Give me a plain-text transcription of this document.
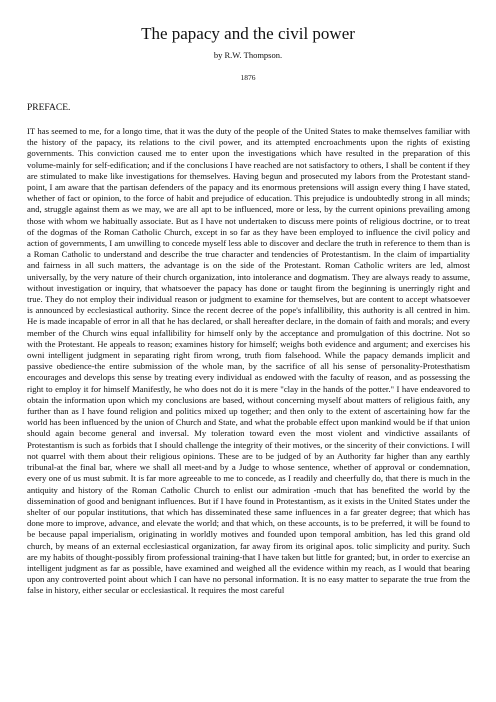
The papacy and the civil power
by R.W. Thompson.
1876
PREFACE.

IT has seemed to me, for a longo time, that it was the duty of the people of the United States to make themselves familiar with the history of the papacy, its relations to the civil power, and its attempted encroachments upon the rights of existing governments. This conviction caused me to enter upon the investigations which have resulted in the preparation of this volume-mainly for self-edification; and if the conclusions I have reached are not satisfactory to others, I shall be content if they are stimulated to make like investigations for themselves. Having begun and prosecuted my labors from the Protestant stand-point, I am aware that the partisan defenders of the papacy and its enormous pretensions will assign every thing I have stated, whether of fact or opinion, to the force of habit and prejudice of education. This prejudice is undoubtedly strong in all minds; and, struggle against them as we may, we are all apt to be influenced, more or less, by the current opinions prevailing among those with whom we habitually associate. But as I have not undertaken to discuss mere points of religious doctrine, or to treat of the dogmas of the Roman Catholic Church, except in so far as they have been employed to influence the civil policy and action of governments, I am unwilling to concede myself less able to discover and declare the truth in reference to them than is a Roman Catholic to understand and describe the true character and tendencies of Protestantism. In the claim of impartiality and fairness in all such matters, the advantage is on the side of the Protestant. Roman Catholic writers are led, almost universally, by the very nature of their church organization, into intolerance and dogmatism. They are always ready to assume, without investigation or inquiry, that whatsoever the papacy has done or taught firom the beginning is unerringly right and true. They do not employ their individual reason or judgment to examine for themselves, but are content to accept whatsoever is announced by ecclesiastical authority. Since the recent decree of the pope's infallibility, this authority is all centred in him. He is made incapable of error in all that he has declared, or shall hereafter declare, in the domain of faith and morals; and every member of the Church wins equal infallibility for himself only by the acceptance and promulgation of this doctrine. Not so with the Protestant. He appeals to reason; examines history for himself; weighs both evidence and argument; and exercises his owni intelligent judgment in separating right firom wrong, truth fiom falsehood. While the papacy demands implicit and passive obedience-the entire submission of the whole man, by the sacrifice of all his sense of personality-Protesthatism encourages and develops this sense by treating every individual as endowed with the faculty of reason, and as possessing the right to employ it for himself Manifestly, he who does not do it is mere "clay in the hands of the potter." I have endeavored to obtain the information upon which my conclusions are based, without concerning myself about matters of religious faith, any further than as I have found religion and politics mixed up together; and then only to the extent of ascertaining how far the world has been influenced by the union of Church and State, and what the probable effect upon mankind would be if that union should again become general and inversal. My toleration toward even the most violent and vindictive assailants of Protestantism is such as forbids that I should challenge the integrity of their motives, or the sincerity of their convictions. I will not quarrel with them about their religious opinions. These are to be judged of by an Authority far higher than any earthly tribunal-at the final bar, where we shall all meet-and by a Judge to whose sentence, whether of approval or condemnation, every one of us must submit. It is far more agreeable to me to concede, as I readily and cheerfully do, that there is much in the antiquity and history of the Roman Catholic Church to enlist our admiration -much that has benefited the world by the dissemination of good and benignant influences. But if I have found in Protestantism, as it exists in the United States under the shelter of our popular institutions, that which has disseminated these same influences in a far greater degree; that which has done more to improve, advance, and elevate the world; and that which, on these accounts, is to be preferred, it will be found to be because papal imperialism, originating in worldly motives and founded upon temporal ambition, has led this grand old church, by means of an external ecclesiastical organization, far away firom its original apos. tolic simplicity and purity. Such are my habits of thought-possibly firom professional training-that I have taken but little for granted; but, in order to exercise an intelligent judgment as far as possible, have examined and weighed all the evidence within my reach, as I would that bearing upon any controverted point about which I can have no personal information. It is no easy matter to separate the true from the false in history, either secular or ecclesiastical. It requires the most careful
